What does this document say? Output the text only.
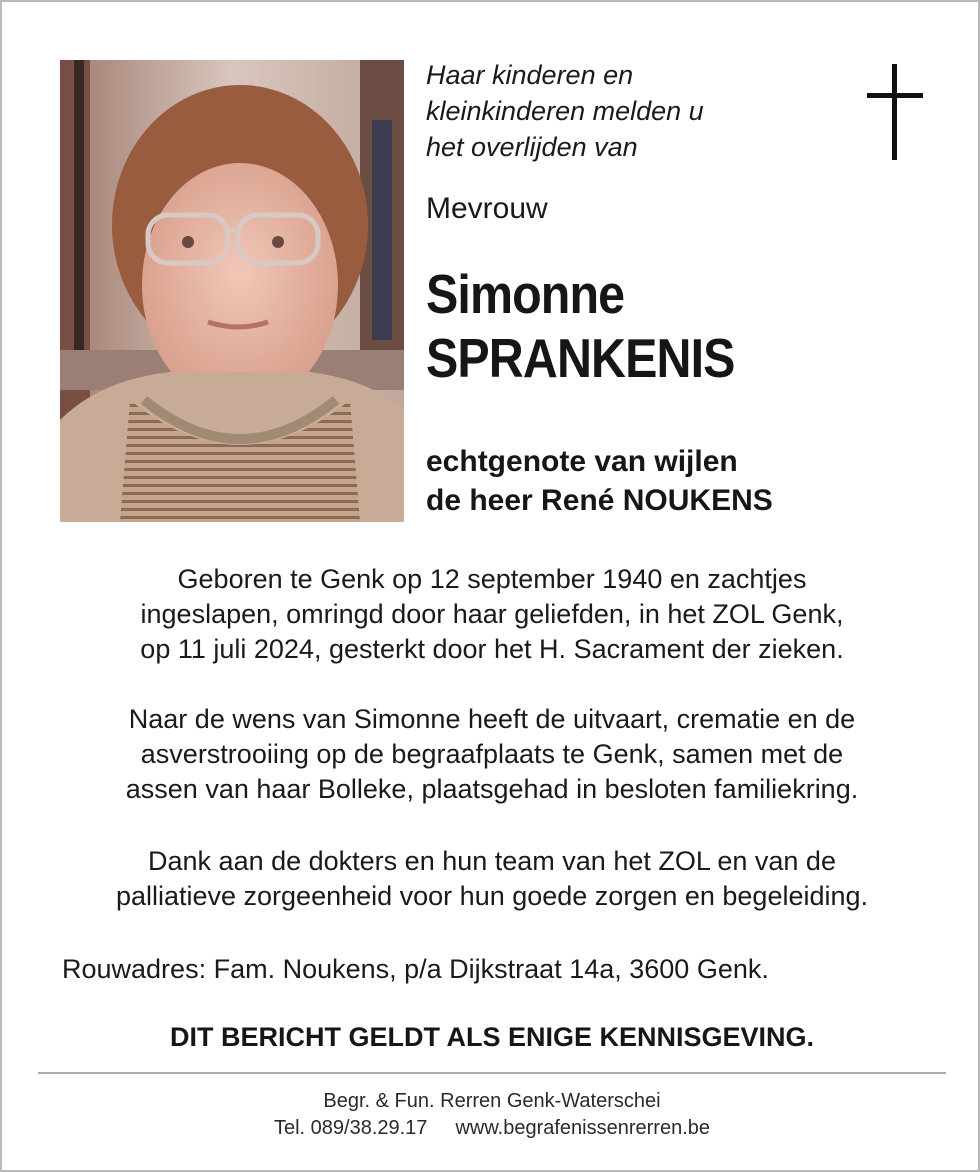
Haar kinderen en
kleinkinderen melden u
het overlijden van
Mevrouw
Simonne
SPRANKENIS
echtgenote van wijlen
de heer René NOUKENS
Geboren te Genk op 12 september 1940 en zachtjes
ingeslapen, omringd door haar geliefden, in het ZOL Genk,
op 11 juli 2024, gesterkt door het H. Sacrament der zieken.
Naar de wens van Simonne heeft de uitvaart, crematie en de
asverstrooiing op de begraafplaats te Genk, samen met de
assen van haar Bolleke, plaatsgehad in besloten familiekring.
Dank aan de dokters en hun team van het ZOL en van de
palliatieve zorgeenheid voor hun goede zorgen en begeleiding.
Rouwadres: Fam. Noukens, p/a Dijkstraat 14a, 3600 Genk.
DIT BERICHT GELDT ALS ENIGE KENNISGEVING.
Begr. & Fun. Rerren Genk-Waterschei
Tel. 089/38.29.17 www.begrafenissenrerren.be
